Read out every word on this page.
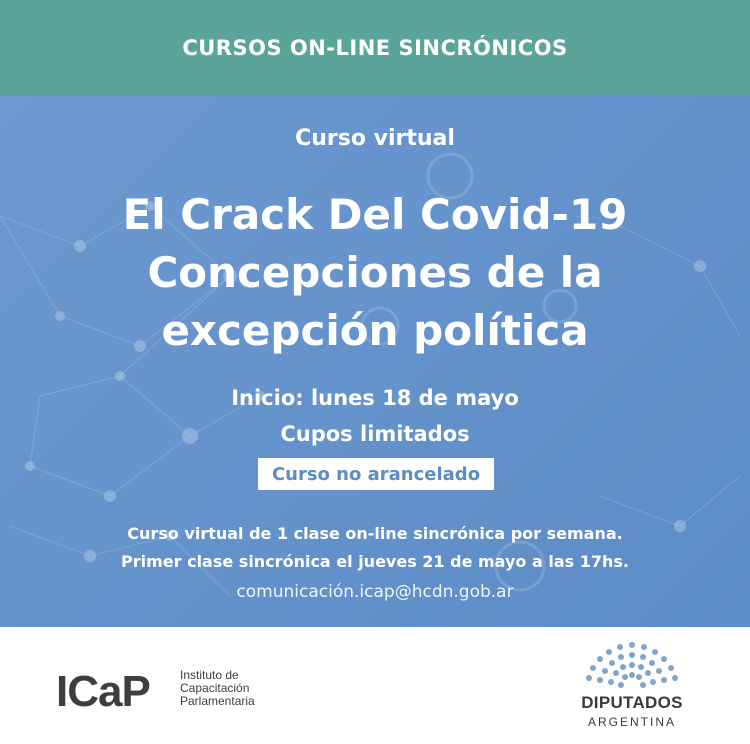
CURSOS ON-LINE SINCRÓNICOS
Curso virtual
El Crack Del Covid-19
Concepciones de la
excepción política
Inicio: lunes 18 de mayo
Cupos limitados
Curso no arancelado
Curso virtual de 1 clase on-line sincrónica por semana.
Primer clase sincrónica el jueves 21 de mayo a las 17hs.
comunicación.icap@hcdn.gob.ar
ICaP	Instituto de
Capacitación
Parlamentaria	DIPUTADOS
ARGENTINA
